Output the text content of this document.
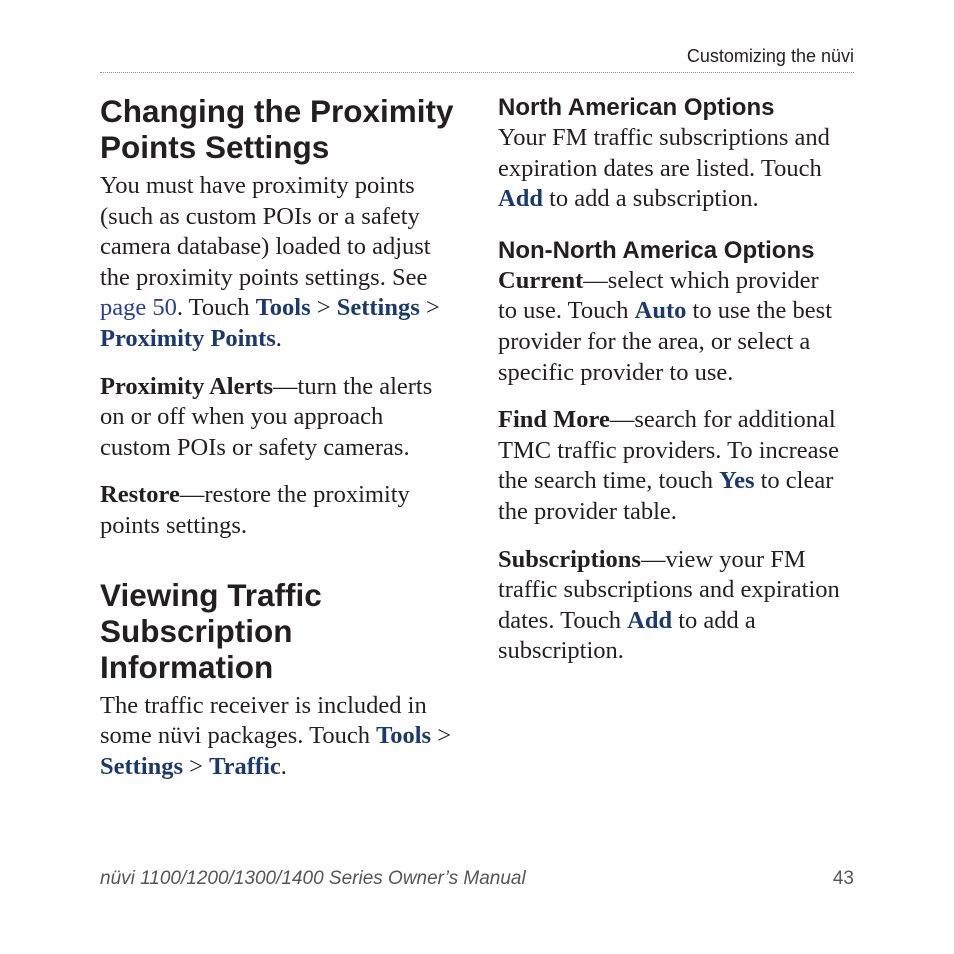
Customizing the nüvi
Changing the Proximity
Points Settings

You must have proximity points (such as custom POIs or a safety camera database) loaded to adjust the proximity points settings. See page 50. Touch Tools > Settings > Proximity Points.

Proximity Alerts—turn the alerts on or off when you approach custom POIs or safety cameras.

Restore—restore the proximity points settings.

Viewing Traffic
Subscription
Information

The traffic receiver is included in some nüvi packages. Touch Tools > Settings > Traffic.

North American Options

Your FM traffic subscriptions and expiration dates are listed. Touch Add to add a subscription.

Non-North America Options

Current—select which provider to use. Touch Auto to use the best provider for the area, or select a specific provider to use.

Find More—search for additional TMC traffic providers. To increase the search time, touch Yes to clear the provider table.

Subscriptions—view your FM traffic subscriptions and expiration dates. Touch Add to add a subscription.

nüvi 1100/1200/1300/1400 Series Owner’s Manual	43
